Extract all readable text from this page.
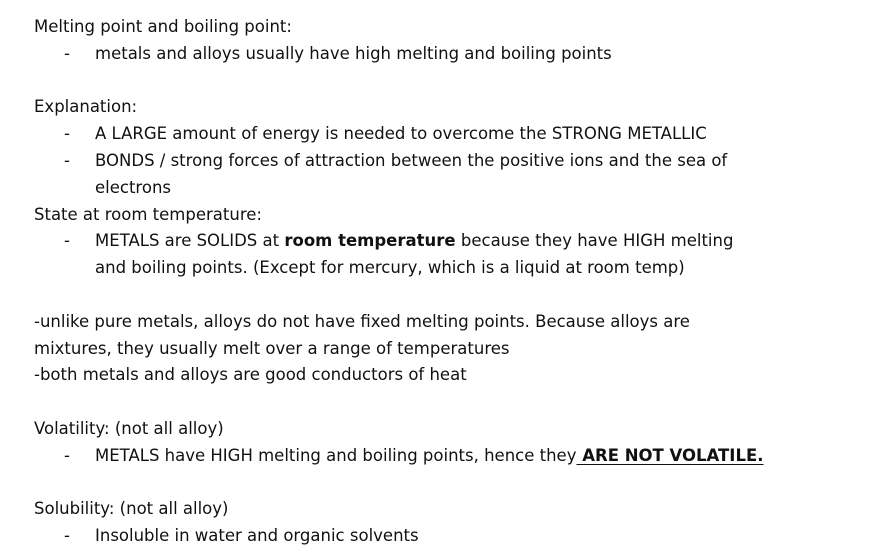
Melting point and boiling point:
- metals and alloys usually have high melting and boiling points
Explanation:
- A LARGE amount of energy is needed to overcome the STRONG METALLIC
- BONDS / strong forces of attraction between the positive ions and the sea of
electrons
State at room temperature:
- METALS are SOLIDS at room temperature because they have HIGH melting
and boiling points. (Except for mercury, which is a liquid at room temp)
-unlike pure metals, alloys do not have fixed melting points. Because alloys are
mixtures, they usually melt over a range of temperatures
-both metals and alloys are good conductors of heat
Volatility: (not all alloy)
- METALS have HIGH melting and boiling points, hence they ARE NOT VOLATILE.
Solubility: (not all alloy)
- Insoluble in water and organic solvents
